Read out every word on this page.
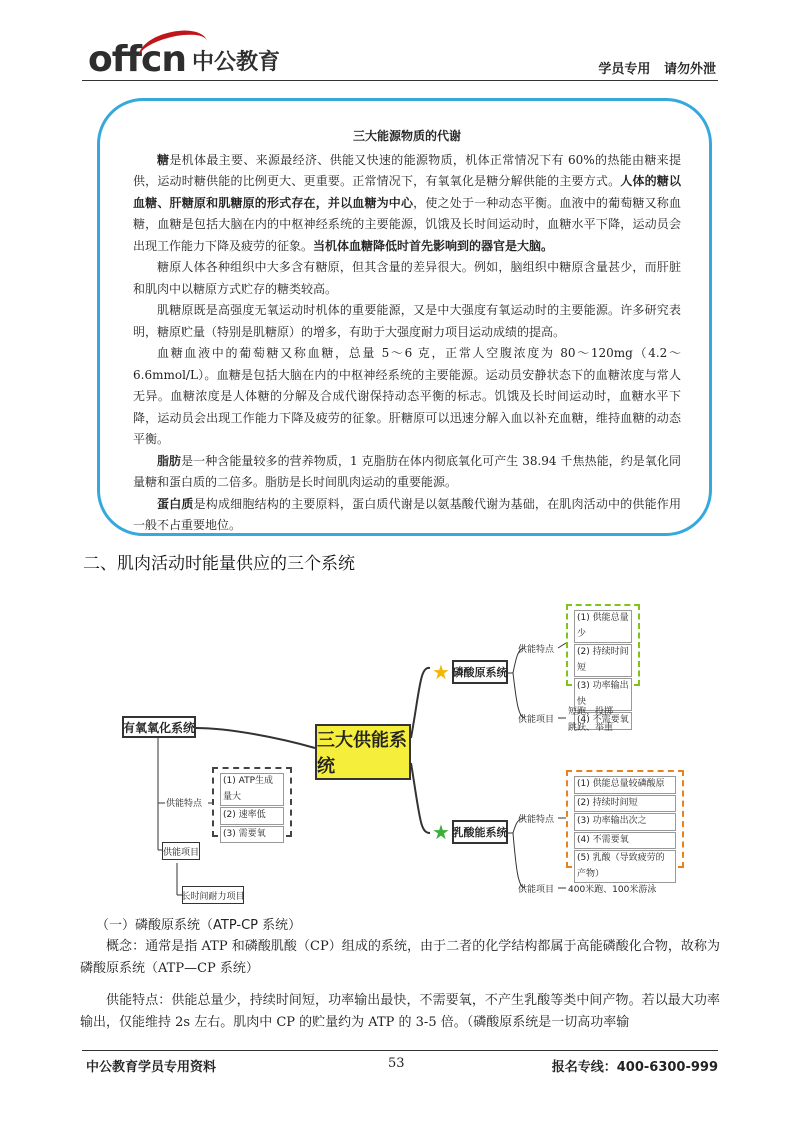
offcn 中公教育	学员专用   请勿外泄
三大能源物质的代谢

糖是机体最主要、来源最经济、供能又快速的能源物质，机体正常情况下有 60%的热能由糖来提供，运动时糖供能的比例更大、更重要。正常情况下，有氧氧化是糖分解供能的主要方式。人体的糖以血糖、肝糖原和肌糖原的形式存在，并以血糖为中心，使之处于一种动态平衡。血液中的葡萄糖又称血糖，血糖是包括大脑在内的中枢神经系统的主要能源，饥饿及长时间运动时，血糖水平下降，运动员会出现工作能力下降及疲劳的征象。当机体血糖降低时首先影响到的器官是大脑。

糖原人体各种组织中大多含有糖原，但其含量的差异很大。例如，脑组织中糖原含量甚少，而肝脏和肌肉中以糖原方式贮存的糖类较高。

肌糖原既是高强度无氧运动时机体的重要能源，又是中大强度有氧运动时的主要能源。许多研究表明，糖原贮量（特别是肌糖原）的增多，有助于大强度耐力项目运动成绩的提高。

血糖血液中的葡萄糖又称血糖，总量 5～6 克，正常人空腹浓度为 80～120mg（4.2～6.6mmol/L）。血糖是包括大脑在内的中枢神经系统的主要能源。运动员安静状态下的血糖浓度与常人无异。血糖浓度是人体糖的分解及合成代谢保持动态平衡的标志。饥饿及长时间运动时，血糖水平下降，运动员会出现工作能力下降及疲劳的征象。肝糖原可以迅速分解入血以补充血糖，维持血糖的动态平衡。

脂肪是一种含能量较多的营养物质，1 克脂肪在体内彻底氧化可产生 38.94 千焦热能，约是氧化同量糖和蛋白质的二倍多。脂肪是长时间肌肉运动的重要能源。

蛋白质是构成细胞结构的主要原料，蛋白质代谢是以氨基酸代谢为基础，在肌肉活动中的供能作用一般不占重要地位。

二、肌肉活动时能量供应的三个系统
三大供能系统
有氧氧化系统
供能特点
(1) ATP生成量大
(2) 速率低
(3) 需要氧
供能项目
长时间耐力项目
★ 磷酸原系统
供能特点
(1) 供能总量少
(2) 持续时间短
(3) 功率输出快
(4) 不需要氧
供能项目
短跑、投掷
跳跃、举重
★ 乳酸能系统
供能特点
(1) 供能总量较磷酸原
(2) 持续时间短
(3) 功率输出次之
(4) 不需要氧
(5) 乳酸（导致疲劳的产物）
供能项目 400米跑、100米游泳
（一）磷酸原系统（ATP-CP 系统）

概念：通常是指 ATP 和磷酸肌酸（CP）组成的系统，由于二者的化学结构都属于高能磷酸化合物，故称为磷酸原系统（ATP—CP 系统）

供能特点：供能总量少，持续时间短，功率输出最快，不需要氧，不产生乳酸等类中间产物。若以最大功率输出，仅能维持 2s 左右。肌肉中 CP 的贮量约为 ATP 的 3-5 倍。（磷酸原系统是一切高功率输

中公教育学员专用资料	53	报名专线：400-6300-999
